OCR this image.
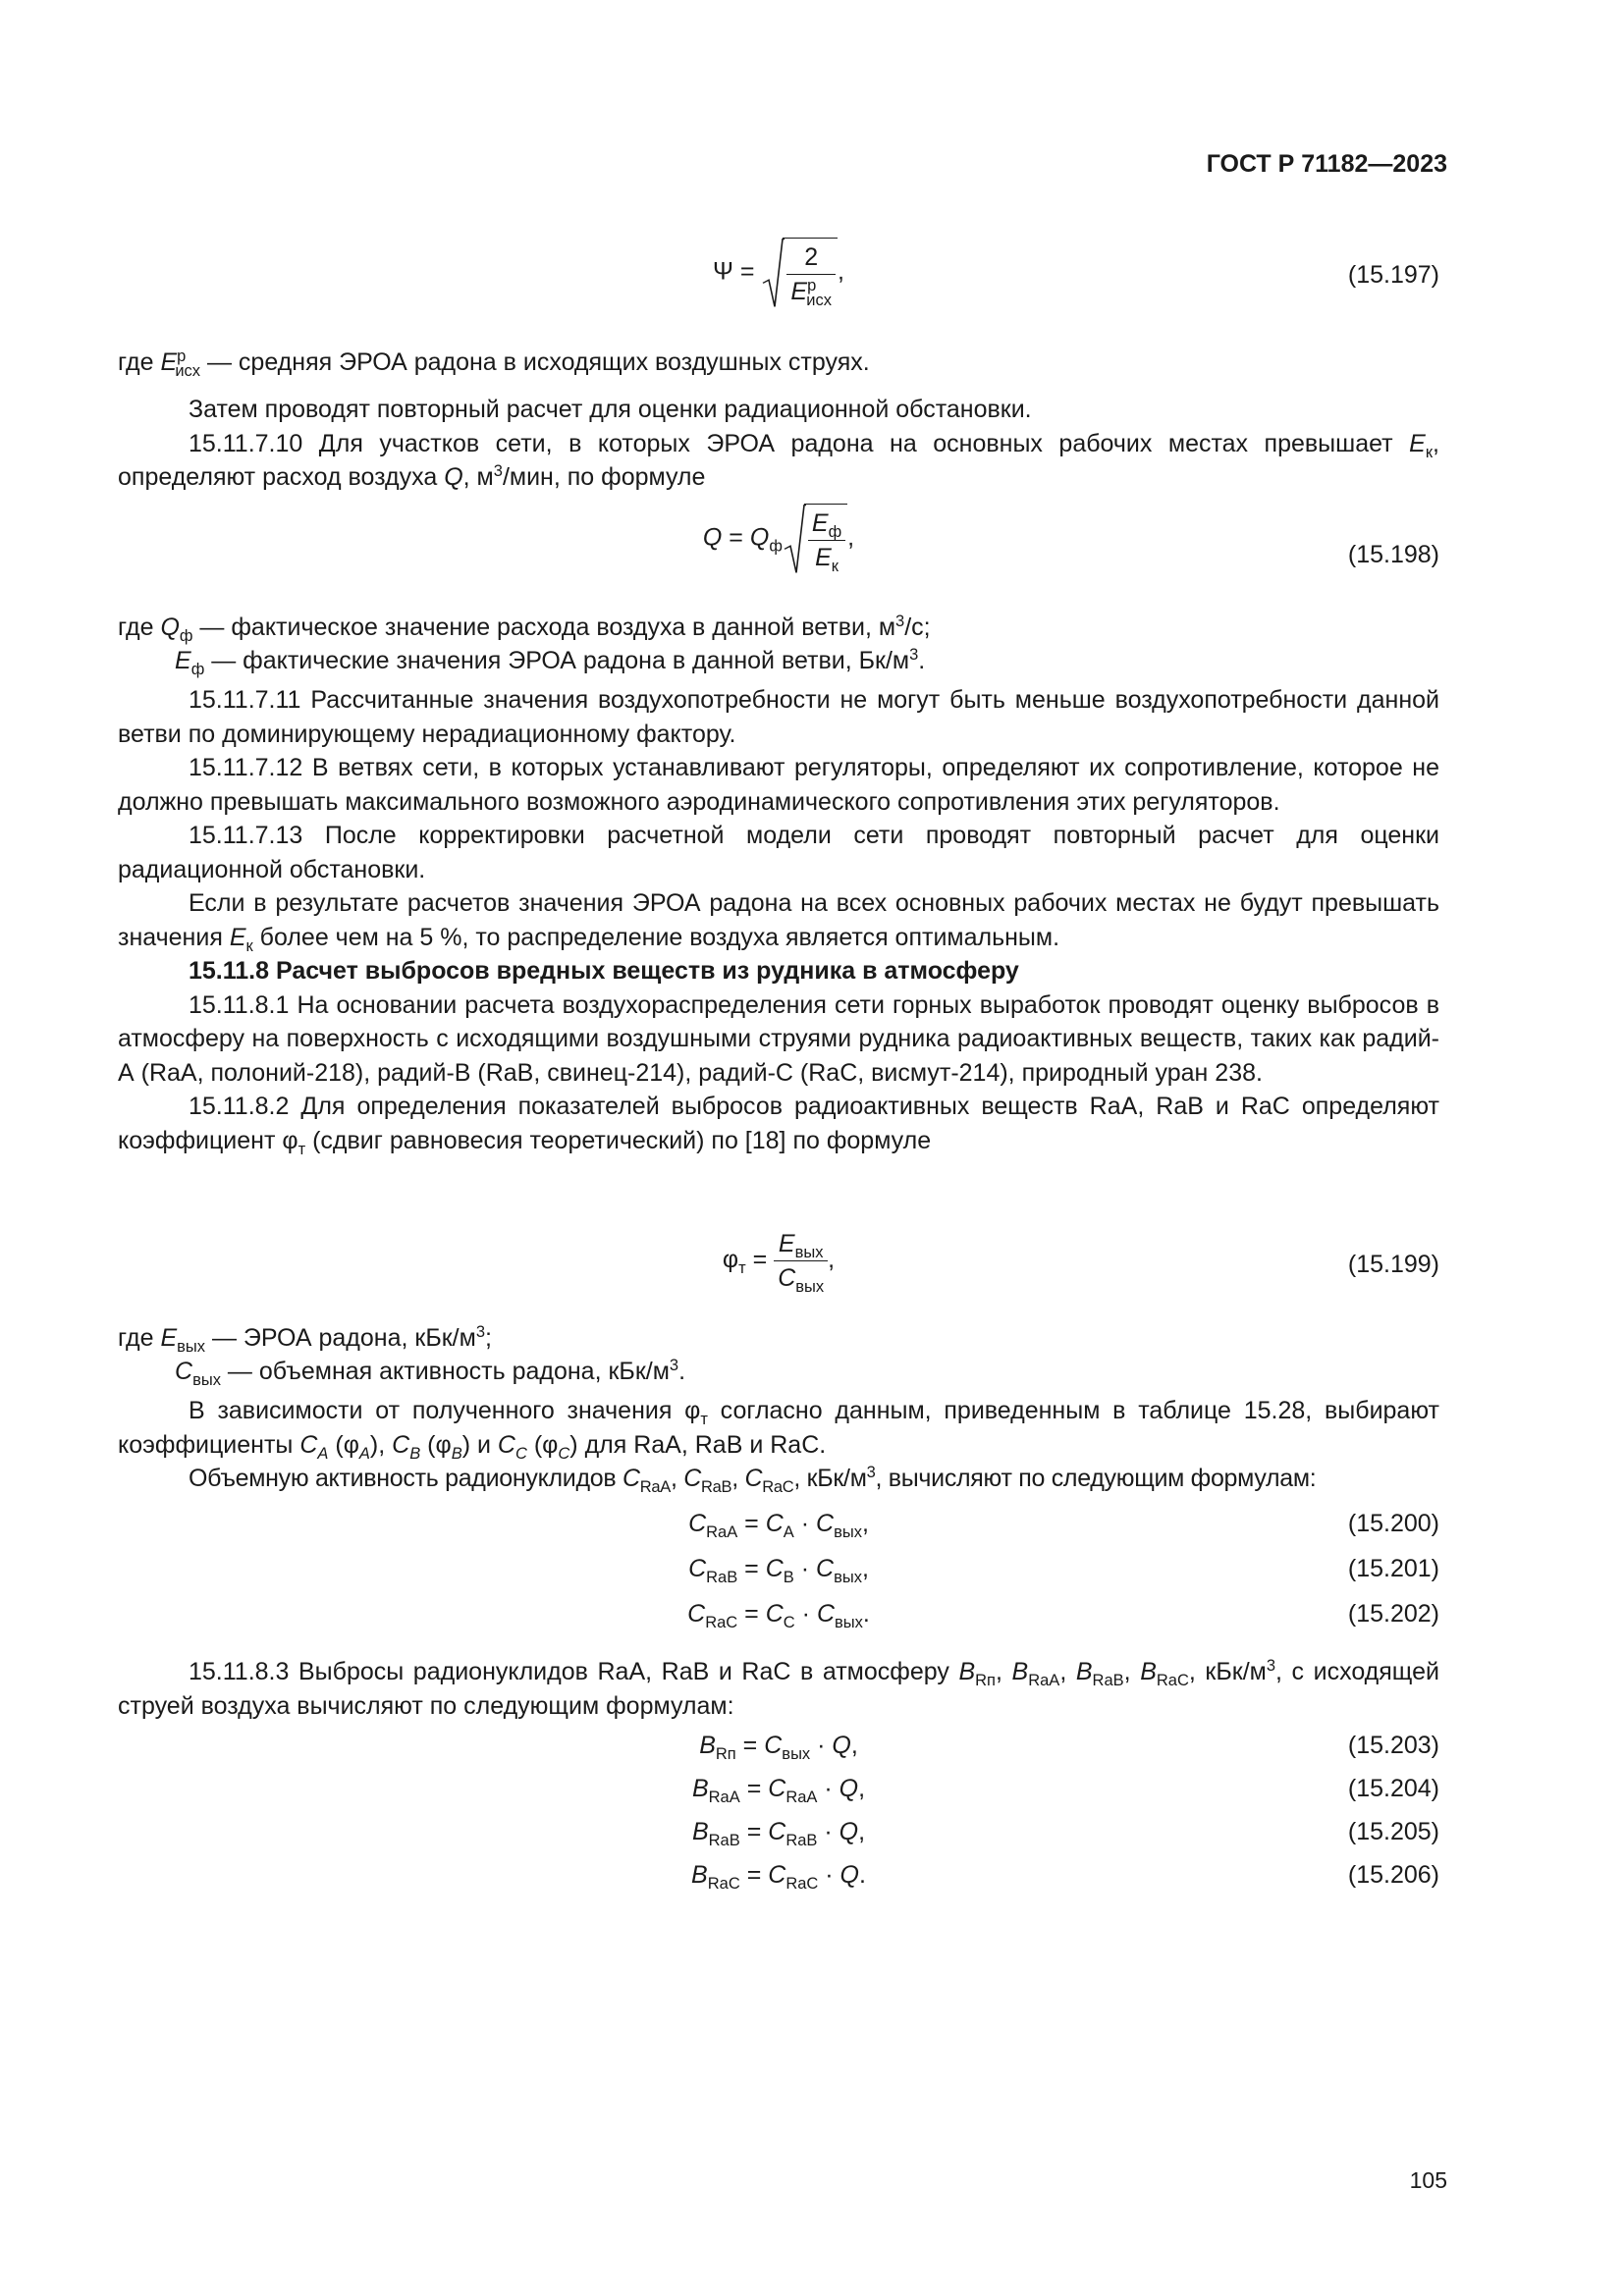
ГОСТ Р 71182—2023
$\Psi = \frac{2}{E^р_{исх}}$ ,	(15.197)
где $E^р_{исх}$ — средняя ЭРОА радона в исходящих воздушных струях.

Затем проводят повторный расчет для оценки радиационной обстановки.

15.11.7.10 Для участков сети, в которых ЭРОА радона на основных рабочих местах превышает $E_к$, определяют расход воздуха Q, $м^3$/мин, по формуле

$Q = Q_ф \frac{E_ф}{E_к}$ ,
(15.198)
где $Q_ф$ — фактическое значение расхода воздуха в данной ветви, $м^3/с$;
$E_ф$ — фактические значения ЭРОА радона в данной ветви, $Бк/м^3$.

15.11.7.11 Рассчитанные значения воздухопотребности не могут быть меньше воздухопотребности данной ветви по доминирующему нерадиационному фактору.

15.11.7.12 В ветвях сети, в которых устанавливают регуляторы, определяют их сопротивление, которое не должно превышать максимального возможного аэродинамического сопротивления этих регуляторов.

15.11.7.13 После корректировки расчетной модели сети проводят повторный расчет для оценки радиационной обстановки.

Если в результате расчетов значения ЭРОА радона на всех основных рабочих местах не будут превышать значения $E_к$ более чем на 5 %, то распределение воздуха является оптимальным.

15.11.8 Расчет выбросов вредных веществ из рудника в атмосферу

15.11.8.1 На основании расчета воздухораспределения сети горных выработок проводят оценку выбросов в атмосферу на поверхность с исходящими воздушными струями рудника радиоактивных веществ, таких как радий-А (RaA, полоний-218), радий-В (RaB, свинец-214), радий-С (RaC, висмут-214), природный уран 238.

15.11.8.2 Для определения показателей выбросов радиоактивных веществ RaA, RaB и RaC определяют коэффициент $\varphi_т$ (сдвиг равновесия теоретический) по [18] по формуле

$\varphi_т = \frac{E_{вых}}{C_{вых}}$ ,	(15.199)
где $E_{вых}$ — ЭРОА радона, кБк/$м^3$;
$C_{вых}$ — объемная активность радона, кБк/$м^3$.

В зависимости от полученного значения $\varphi_т$ согласно данным, приведенным в таблице 15.28, выбирают коэффициенты $C_A$ $(\varphi_A)$, $C_B$ $(\varphi_B)$ и $C_C$ $(\varphi_C)$ для RaA, RaB и RaC.

Объемную активность радионуклидов $C_{RaA}$, $C_{RaB}$, $C_{RaC}$, кБк/$м^3$, вычисляют по следующим формулам:

$C_{RaA} = C_A \cdot C_{вых}$,	(15.200)
$C_{RaB} = C_B \cdot C_{вых}$,	(15.201)
$C_{RaC} = C_C \cdot C_{вых}$.	(15.202)

15.11.8.3 Выбросы радионуклидов RaA, RaB и RaC в атмосферу $B_{Rп}$, $B_{RaA}$, $B_{RaB}$, $B_{RaC}$, кБк/$м^3$, с исходящей струей воздуха вычисляют по следующим формулам:

$B_{Rп} = C_{вых} \cdot Q$,	(15.203)
$B_{RaA} = C_{RaA} \cdot Q$,	(15.204)
$B_{RaB} = C_{RaB} \cdot Q$,	(15.205)
$B_{RaC} = C_{RaC} \cdot Q$.	(15.206)
105
